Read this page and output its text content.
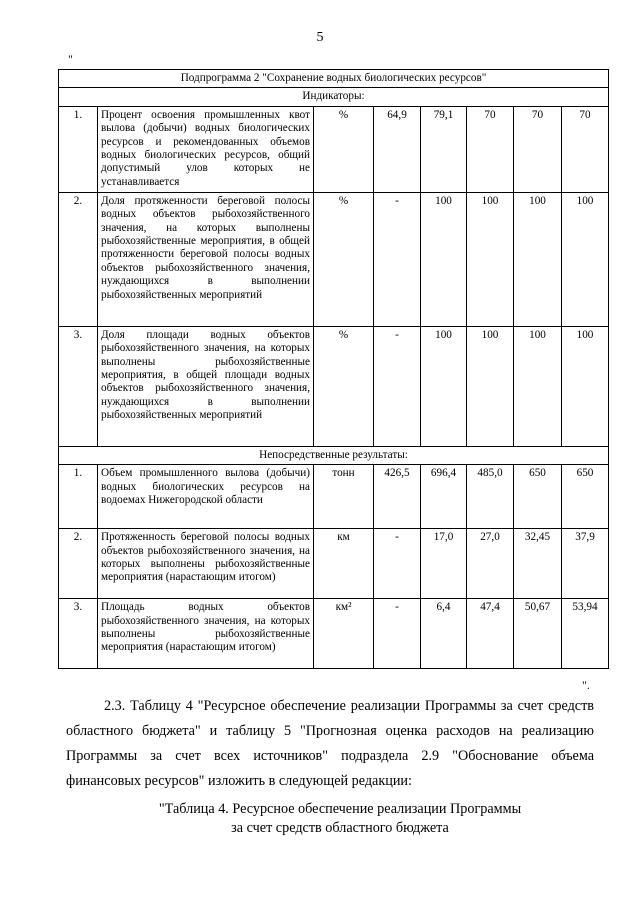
5
"
Подпрограмма 2 "Сохранение водных биологических ресурсов"							
Индикаторы:							
1.	Процент освоения промышленных квот вылова (добычи) водных биологических ресурсов и рекомендованных объемов водных биологических ресурсов, общий допустимый улов которых не устанавливается	%	64,9	79,1	70	70	70
2.	Доля протяженности береговой полосы водных объектов рыбохозяйственного значения, на которых выполнены рыбохозяйственные мероприятия, в общей протяженности береговой полосы водных объектов рыбохозяйственного значения, нуждающихся в выполнении рыбохозяйственных мероприятий	%	-	100	100	100	100
3.	Доля площади водных объектов рыбохозяйственного значения, на которых выполнены рыбохозяйственные мероприятия, в общей площади водных объектов рыбохозяйственного значения, нуждающихся в выполнении рыбохозяйственных мероприятий	%	-	100	100	100	100
Непосредственные результаты:							
1.	Объем промышленного вылова (добычи) водных биологических ресурсов на водоемах Нижегородской области	тонн	426,5	696,4	485,0	650	650
2.	Протяженность береговой полосы водных объектов рыбохозяйственного значения, на которых выполнены рыбохозяйственные мероприятия (нарастающим итогом)	км	-	17,0	27,0	32,45	37,9
3.	Площадь водных объектов рыбохозяйственного значения, на которых выполнены рыбохозяйственные мероприятия (нарастающим итогом)	км²	-	6,4	47,4	50,67	53,94
".
2.3. Таблицу 4 "Ресурсное обеспечение реализации Программы за счет средств областного бюджета" и таблицу 5 "Прогнозная оценка расходов на реализацию Программы за счет всех источников" подраздела 2.9 "Обоснование объема финансовых ресурсов" изложить в следующей редакции:
"Таблица 4. Ресурсное обеспечение реализации Программы
за счет средств областного бюджета
